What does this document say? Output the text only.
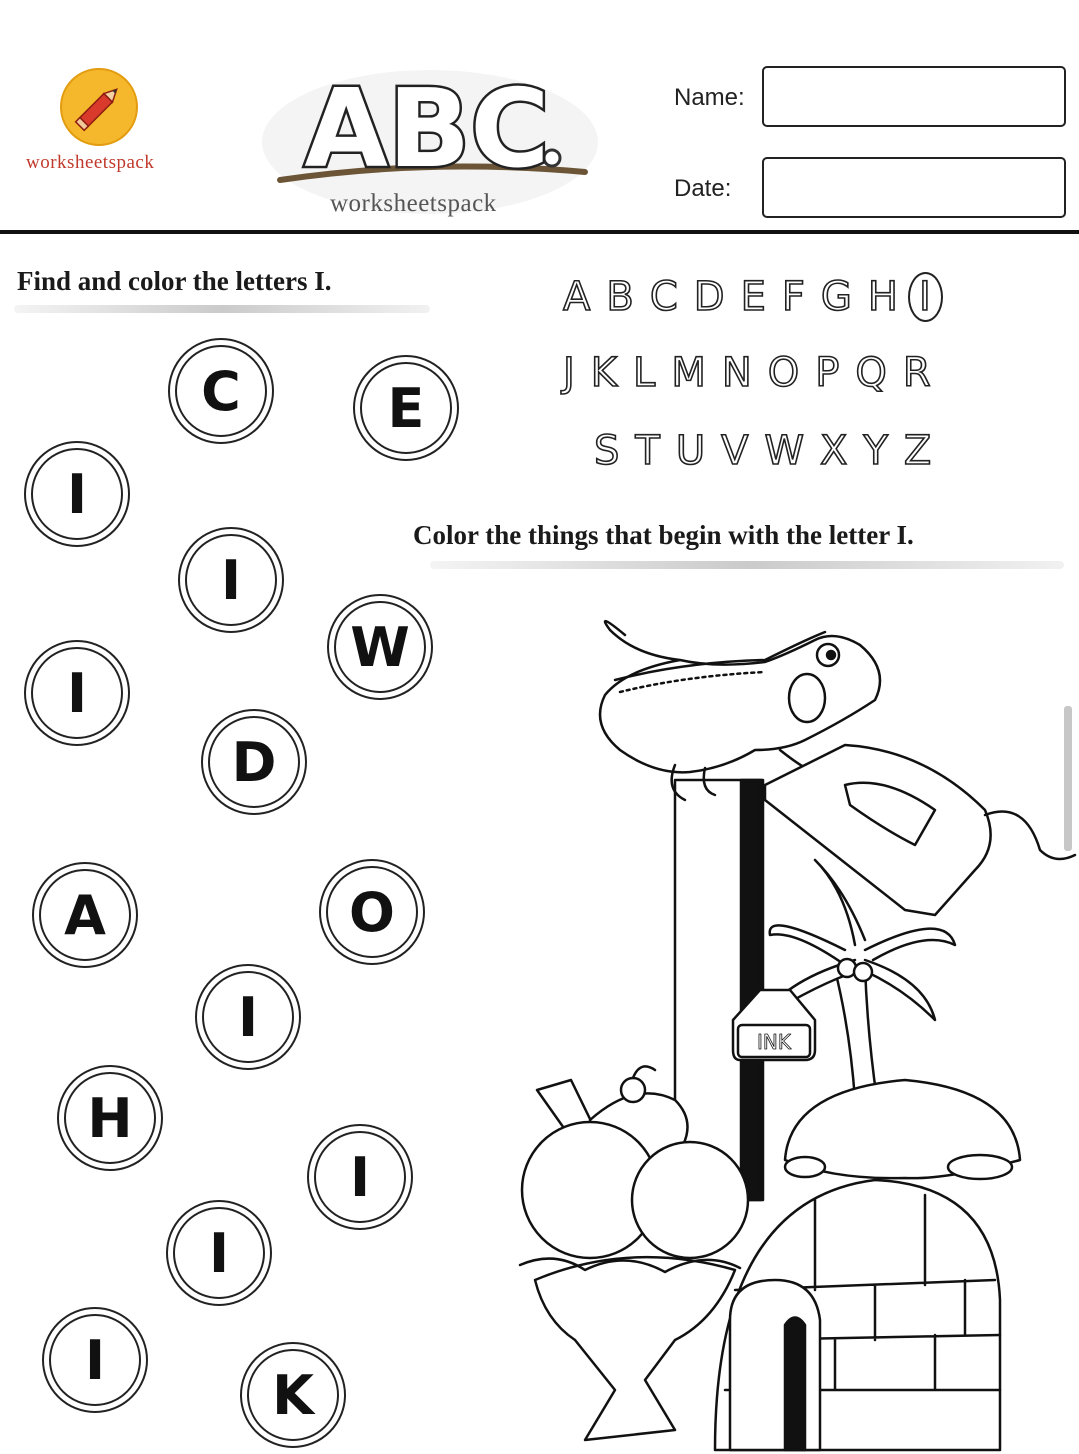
worksheetspack ABC
worksheetspack
Name:
Date:
Find and color the letters I.	A B C D E F G H I
J K L M N O P Q R
S T U V W X Y Z
Color the things that begin with the letter I.
C	E
I
I
W
I
D
A	O
I
H
I
I
I
K
INK
